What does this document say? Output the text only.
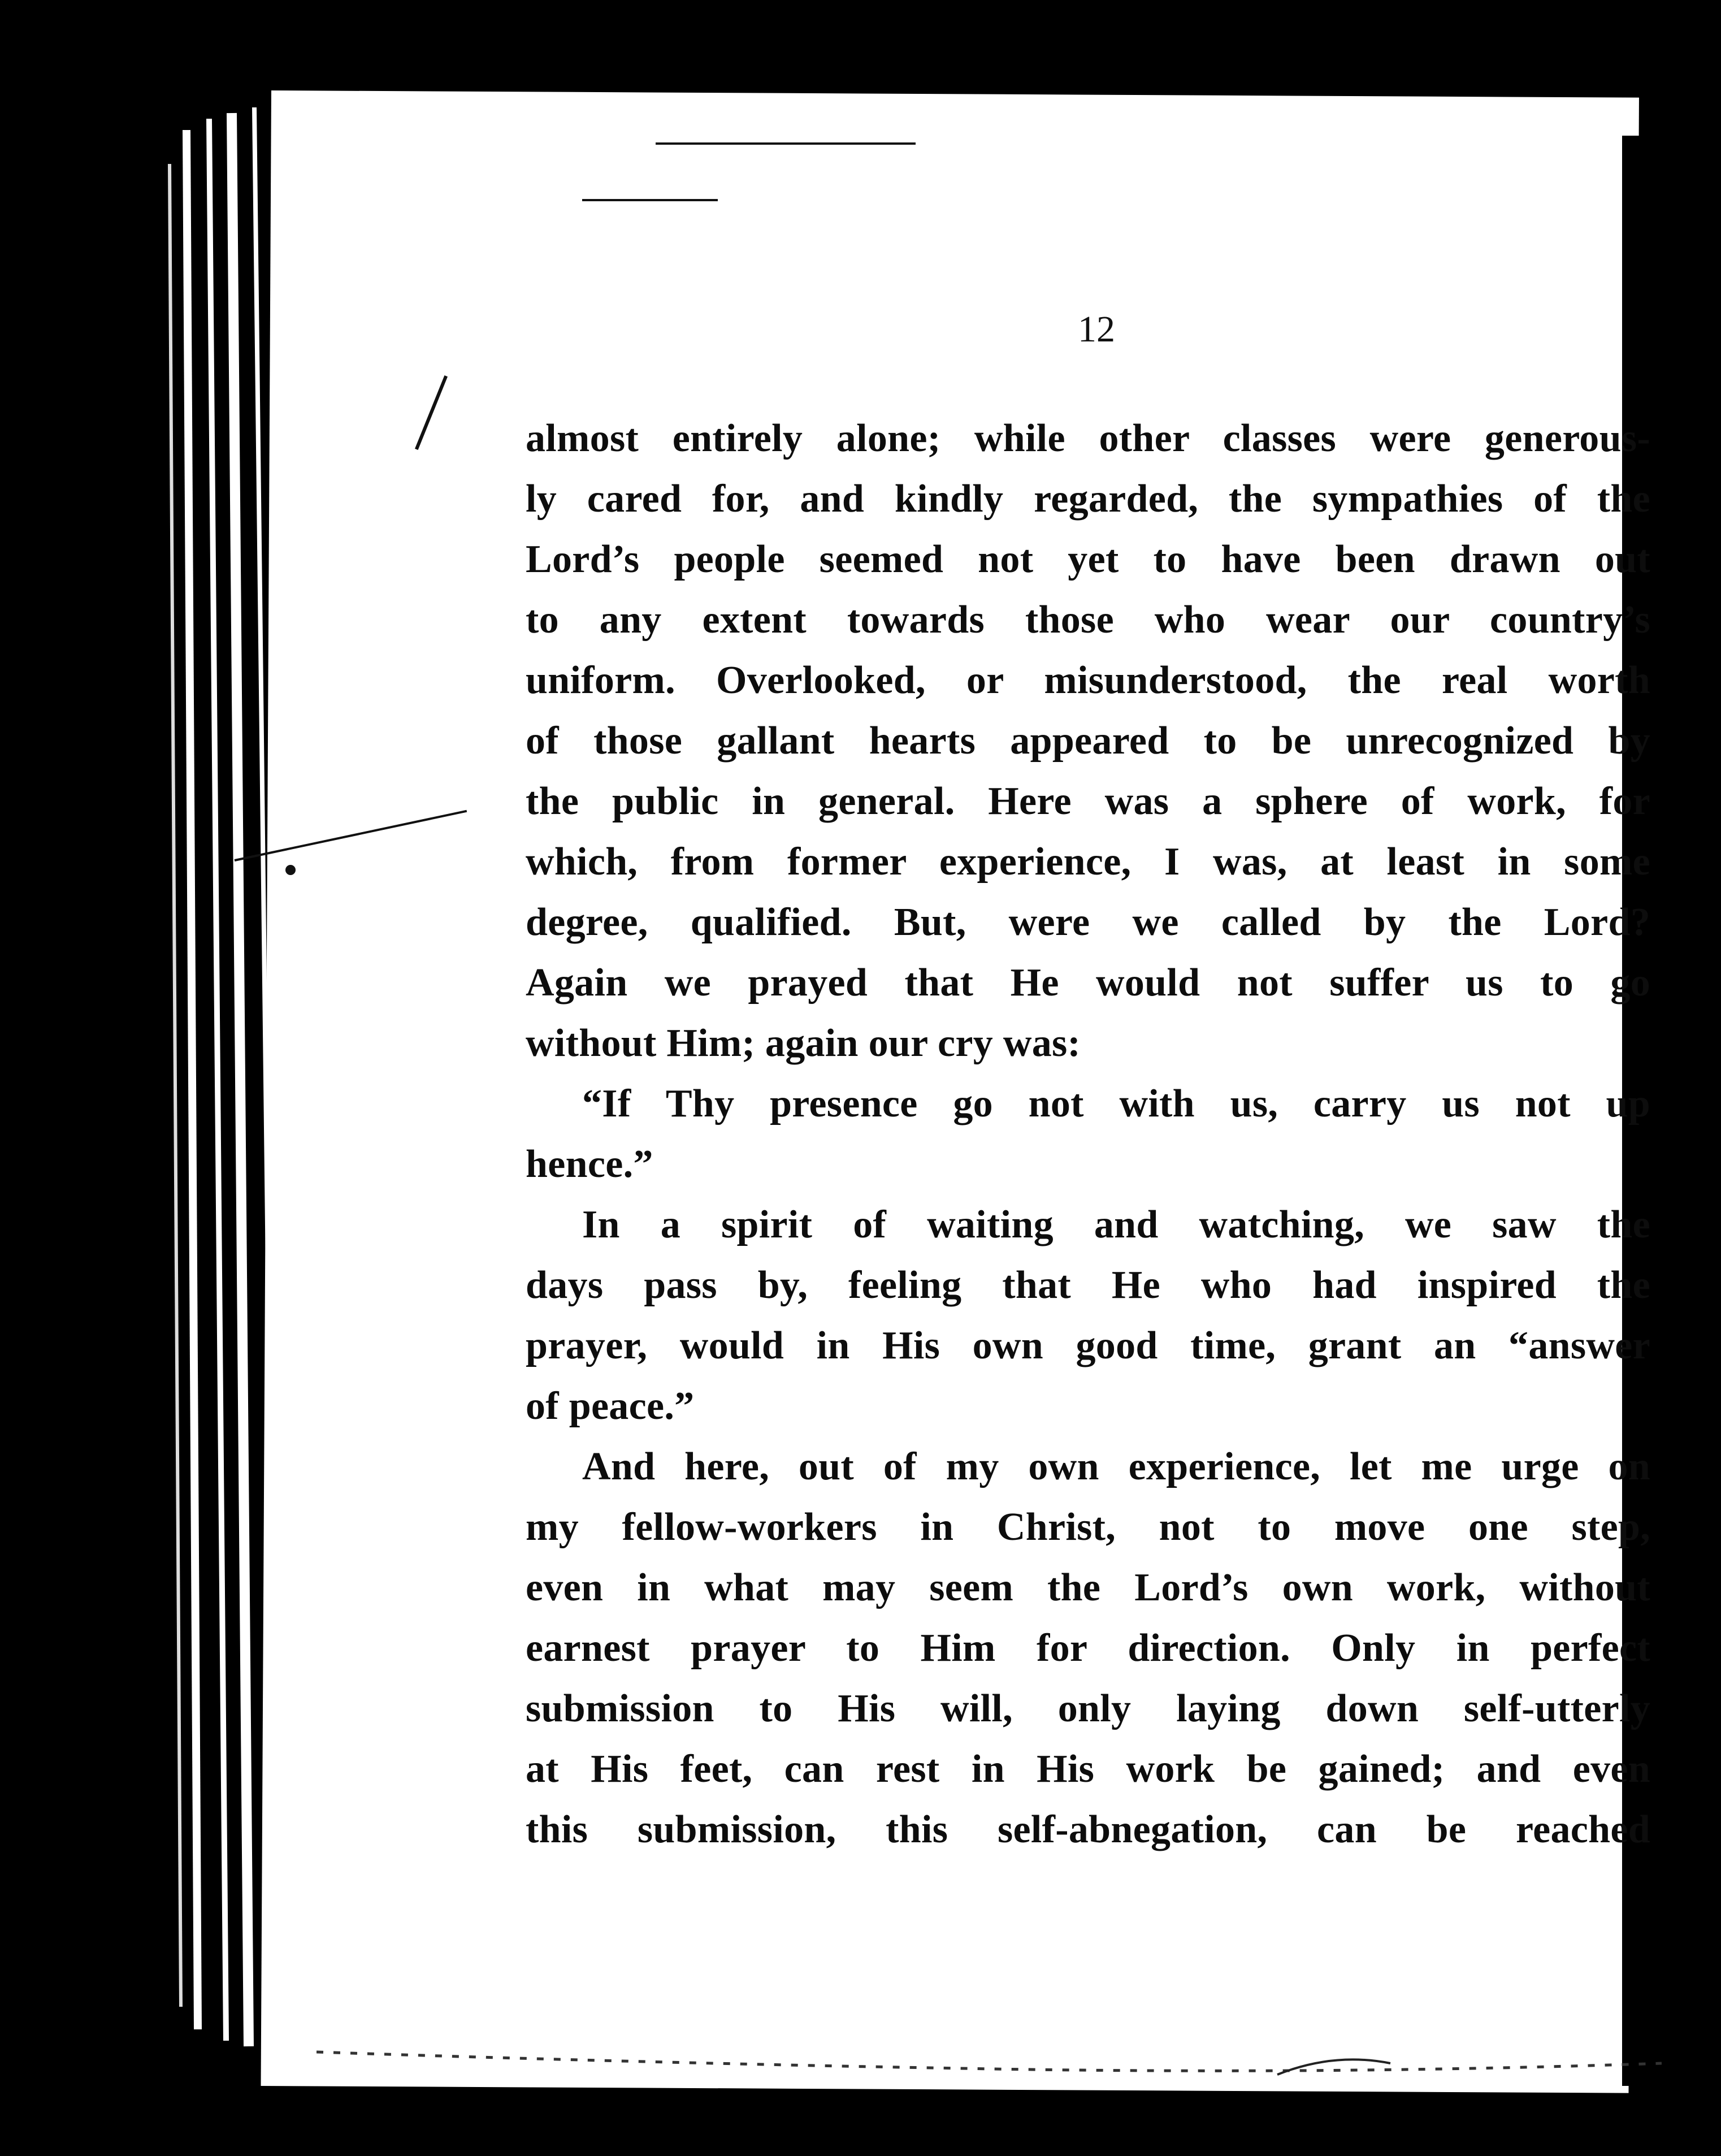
12
almost entirely alone; while other classes were generous-
ly cared for, and kindly regarded, the sympathies of the
Lord’s people seemed not yet to have been drawn out
to any extent towards those who wear our country’s
uniform. Overlooked, or misunderstood, the real worth
of those gallant hearts appeared to be unrecognized by
the public in general. Here was a sphere of work, for
which, from former experience, I was, at least in some
degree, qualified. But, were we called by the Lord?
Again we prayed that He would not suffer us to go
without Him; again our cry was:
“If Thy presence go not with us, carry us not up
hence.”
In a spirit of waiting and watching, we saw the
days pass by, feeling that He who had inspired the
prayer, would in His own good time, grant an “answer
of peace.”
And here, out of my own experience, let me urge on
my fellow-workers in Christ, not to move one step,
even in what may seem the Lord’s own work, without
earnest prayer to Him for direction. Only in perfect
submission to His will, only laying down self-utterly
at His feet, can rest in His work be gained; and even
this submission, this self-abnegation, can be reached
